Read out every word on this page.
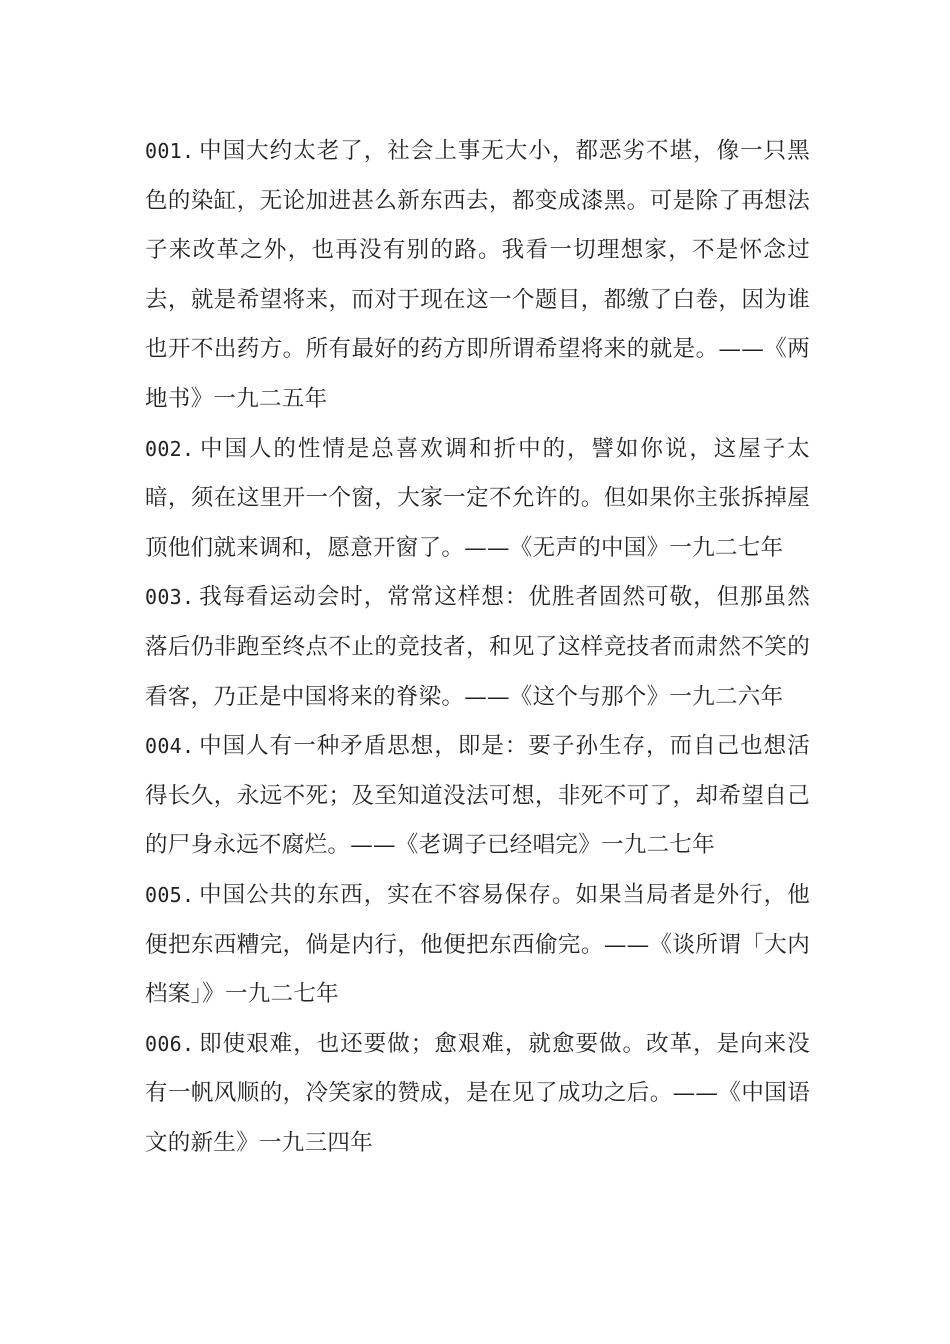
001. 中国大约太老了，社会上事无大小，都恶劣不堪，像一只黑色的染缸，无论加进甚么新东西去，都变成漆黑。可是除了再想法子来改革之外，也再没有别的路。我看一切理想家，不是怀念过去，就是希望将来，而对于现在这一个题目，都缴了白卷，因为谁也开不出药方。所有最好的药方即所谓希望将来的就是。——《两地书》一九二五年

002. 中国人的性情是总喜欢调和折中的，譬如你说，这屋子太暗，须在这里开一个窗，大家一定不允许的。但如果你主张拆掉屋顶他们就来调和，愿意开窗了。——《无声的中国》一九二七年

003. 我每看运动会时，常常这样想：优胜者固然可敬，但那虽然落后仍非跑至终点不止的竞技者，和见了这样竞技者而肃然不笑的看客，乃正是中国将来的脊梁。——《这个与那个》一九二六年

004. 中国人有一种矛盾思想，即是：要子孙生存，而自己也想活得长久，永远不死；及至知道没法可想，非死不可了，却希望自己的尸身永远不腐烂。——《老调子已经唱完》一九二七年

005. 中国公共的东西，实在不容易保存。如果当局者是外行，他便把东西糟完，倘是内行，他便把东西偷完。——《谈所谓「大内档案」》一九二七年

006. 即使艰难，也还要做；愈艰难，就愈要做。改革，是向来没有一帆风顺的，冷笑家的赞成，是在见了成功之后。——《中国语文的新生》一九三四年
